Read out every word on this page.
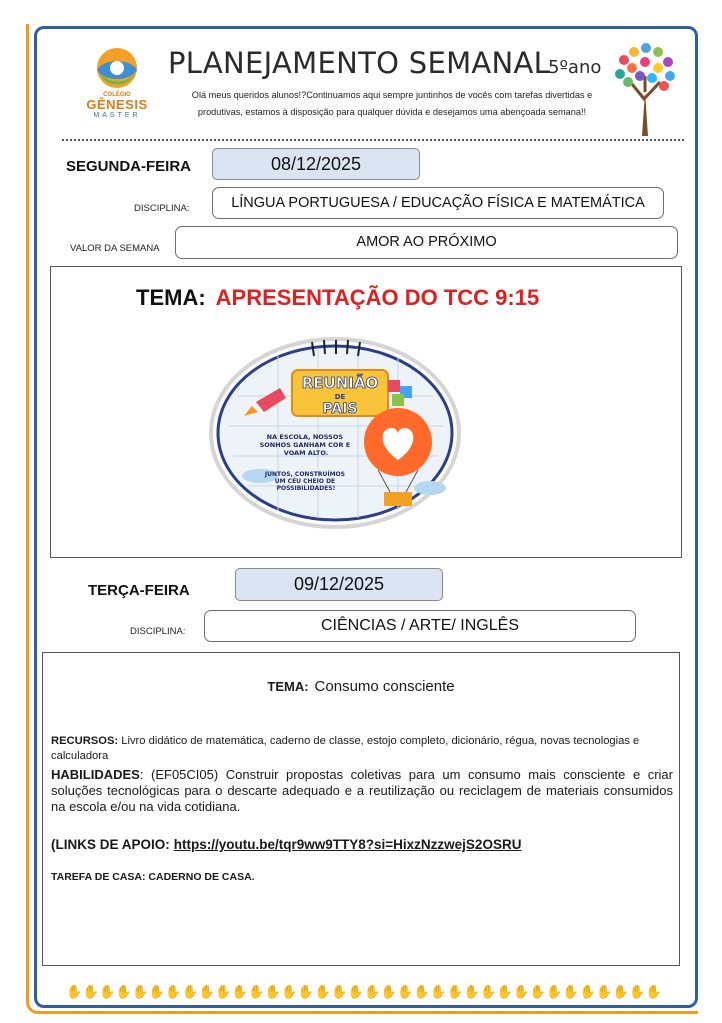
COLÉGIO
GÊNESIS
MASTER
PLANEJAMENTO SEMANAL
5ºano
Olá meus queridos alunos!?Continuamos aqui sempre juntinhos de vocês com tarefas divertidas e produtivas, estamos à disposição para qualquer dúvida e desejamos uma abençoada semana!!
SEGUNDA-FEIRA	08/12/2025
DISCIPLINA:	LÍNGUA PORTUGUESA / EDUCAÇÃO FÍSICA E MATEMÁTICA
VALOR DA SEMANA	AMOR AO PRÓXIMO
TEMA: APRESENTAÇÃO DO TCC 9:15
REUNIÃO
DE
PAIS
NA ESCOLA, NOSSOS SONHOS GANHAM COR E VOAM ALTO.
JUNTOS, CONSTRUÍMOS UM CÉU CHEIO DE POSSIBILIDADES!
TERÇA-FEIRA	09/12/2025
DISCIPLINA:	CIÊNCIAS / ARTE/ INGLÊS
TEMA: Consumo consciente
RECURSOS: Livro didático de matemática, caderno de classe, estojo completo, dicionário, régua, novas tecnologias e calculadora
HABILIDADES: (EF05CI05) Construir propostas coletivas para um consumo mais consciente e criar soluções tecnológicas para o descarte adequado e a reutilização ou reciclagem de materiais consumidos na escola e/ou na vida cotidiana.
(LINKS DE APOIO: https://youtu.be/tqr9ww9TTY8?si=HixzNzzwejS2OSRU
TAREFA DE CASA: CADERNO DE CASA.
✋ ✋ ✋ ✋ ✋ ✋ ✋ ✋ ✋ ✋ ✋ ✋ ✋ ✋ ✋ ✋ ✋ ✋ ✋ ✋ ✋ ✋ ✋ ✋ ✋ ✋ ✋ ✋ ✋ ✋ ✋ ✋ ✋ ✋ ✋ ✋
